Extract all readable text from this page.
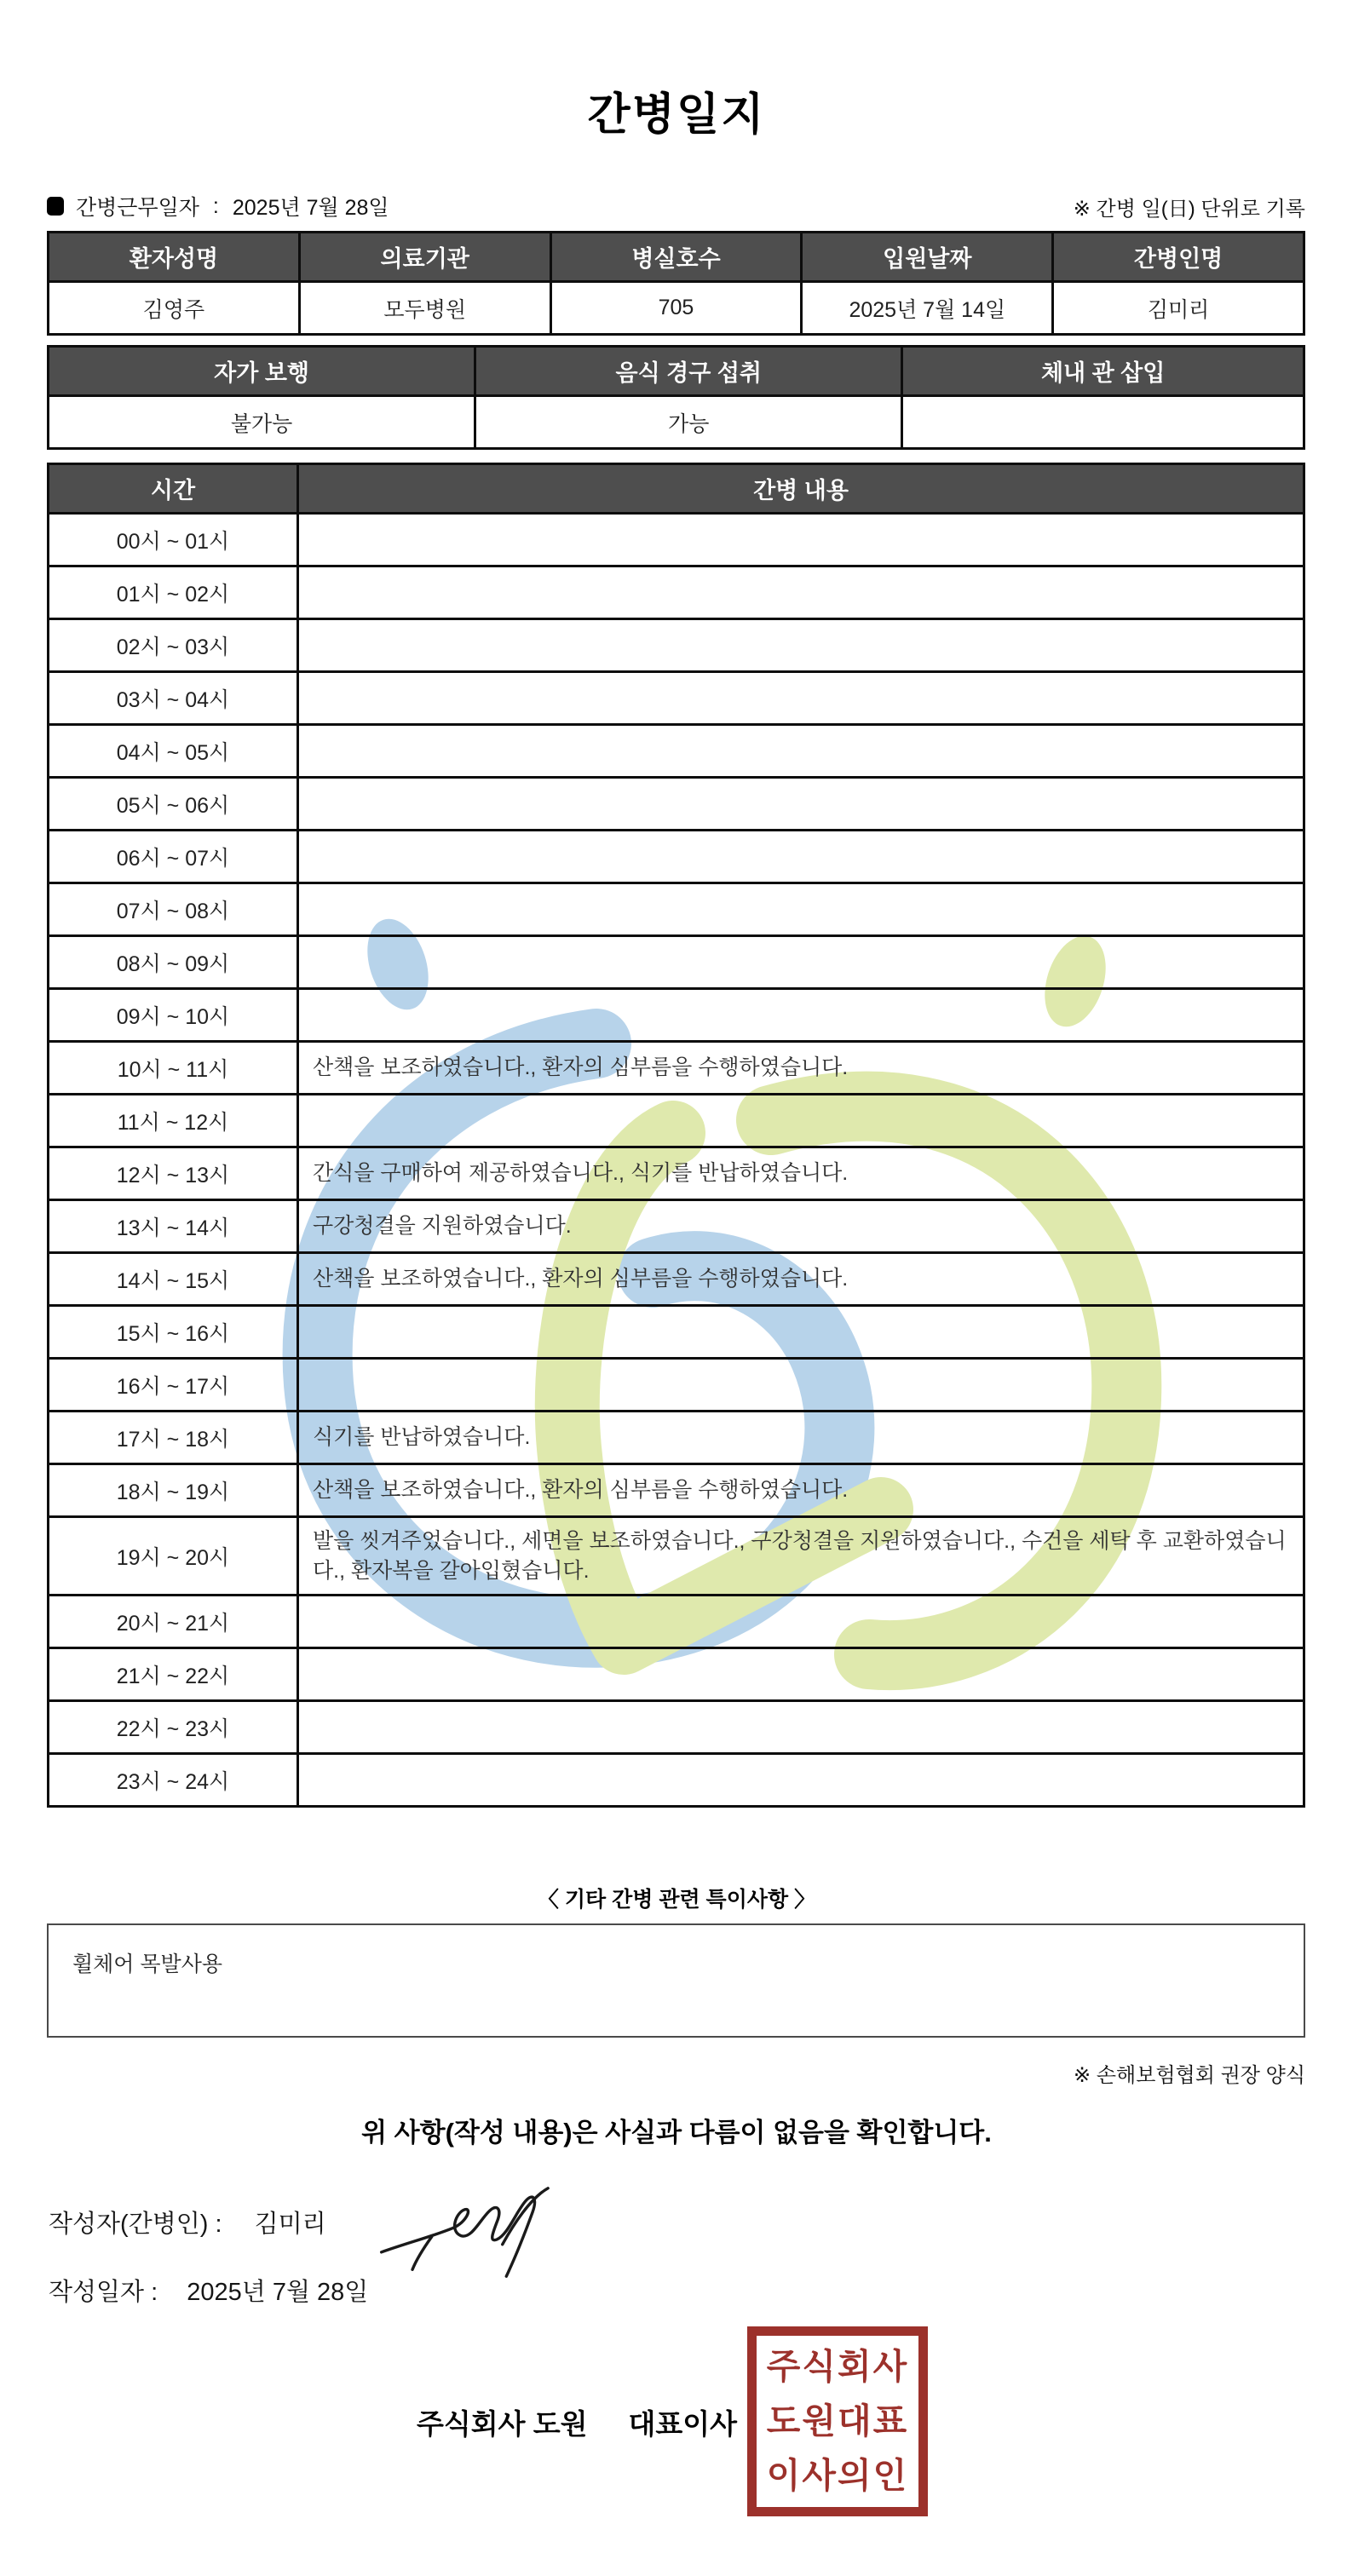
간병일지
간병근무일자 : 2025년 7월 28일	※ 간병 일(日) 단위로 기록
환자성명	의료기관	병실호수	입원날짜	간병인명
김영주	모두병원	705	2025년 7월 14일	김미리
자가 보행	음식 경구 섭취	체내 관 삽입
불가능	가능	
시간	간병 내용
00시 ~ 01시	
01시 ~ 02시	
02시 ~ 03시	
03시 ~ 04시	
04시 ~ 05시	
05시 ~ 06시	
06시 ~ 07시	
07시 ~ 08시	
08시 ~ 09시	
09시 ~ 10시	
10시 ~ 11시	산책을 보조하였습니다., 환자의 심부름을 수행하였습니다.
11시 ~ 12시	
12시 ~ 13시	간식을 구매하여 제공하였습니다., 식기를 반납하였습니다.
13시 ~ 14시	구강청결을 지원하였습니다.
14시 ~ 15시	산책을 보조하였습니다., 환자의 심부름을 수행하였습니다.
15시 ~ 16시	
16시 ~ 17시	
17시 ~ 18시	식기를 반납하였습니다.
18시 ~ 19시	산책을 보조하였습니다., 환자의 심부름을 수행하였습니다.
19시 ~ 20시	발을 씻겨주었습니다., 세면을 보조하였습니다., 구강청결을 지원하였습니다., 수건을 세탁 후 교환하였습니다., 환자복을 갈아입혔습니다.
20시 ~ 21시	
21시 ~ 22시	
22시 ~ 23시	
23시 ~ 24시	
〈 기타 간병 관련 특이사항 〉
휠체어 목발사용
※ 손해보험협회 권장 양식
위 사항(작성 내용)은 사실과 다름이 없음을 확인합니다.
작성자(간병인) : 김미리
작성일자 : 2025년 7월 28일
주식회사 도원 대표이사
주식회사
도원대표
이사의인
